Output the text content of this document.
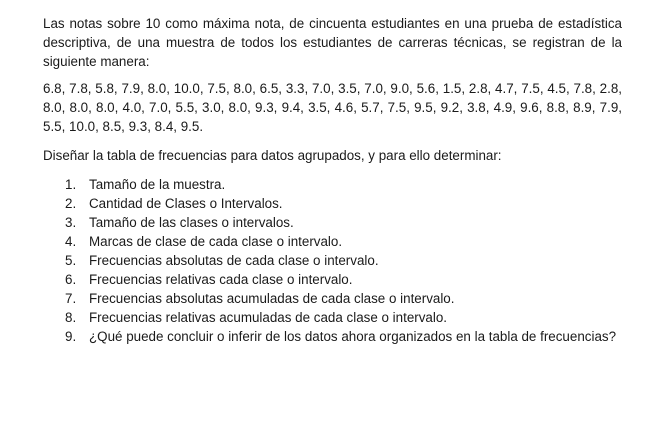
Las notas sobre 10 como máxima nota, de cincuenta estudiantes en una prueba de estadística descriptiva, de una muestra de todos los estudiantes de carreras técnicas, se registran de la siguiente manera:

6.8, 7.8, 5.8, 7.9, 8.0, 10.0, 7.5, 8.0, 6.5, 3.3, 7.0, 3.5, 7.0, 9.0, 5.6, 1.5, 2.8, 4.7, 7.5, 4.5, 7.8, 2.8, 8.0, 8.0, 8.0, 4.0, 7.0, 5.5, 3.0, 8.0, 9.3, 9.4, 3.5, 4.6, 5.7, 7.5, 9.5, 9.2, 3.8, 4.9, 9.6, 8.8, 8.9, 7.9, 5.5, 10.0, 8.5, 9.3, 8.4, 9.5.

Diseñar la tabla de frecuencias para datos agrupados, y para ello determinar:

1. Tamaño de la muestra.
2. Cantidad de Clases o Intervalos.
3. Tamaño de las clases o intervalos.
4. Marcas de clase de cada clase o intervalo.
5. Frecuencias absolutas de cada clase o intervalo.
6. Frecuencias relativas cada clase o intervalo.
7. Frecuencias absolutas acumuladas de cada clase o intervalo.
8. Frecuencias relativas acumuladas de cada clase o intervalo.
9. ¿Qué puede concluir o inferir de los datos ahora organizados en la tabla de frecuencias?
